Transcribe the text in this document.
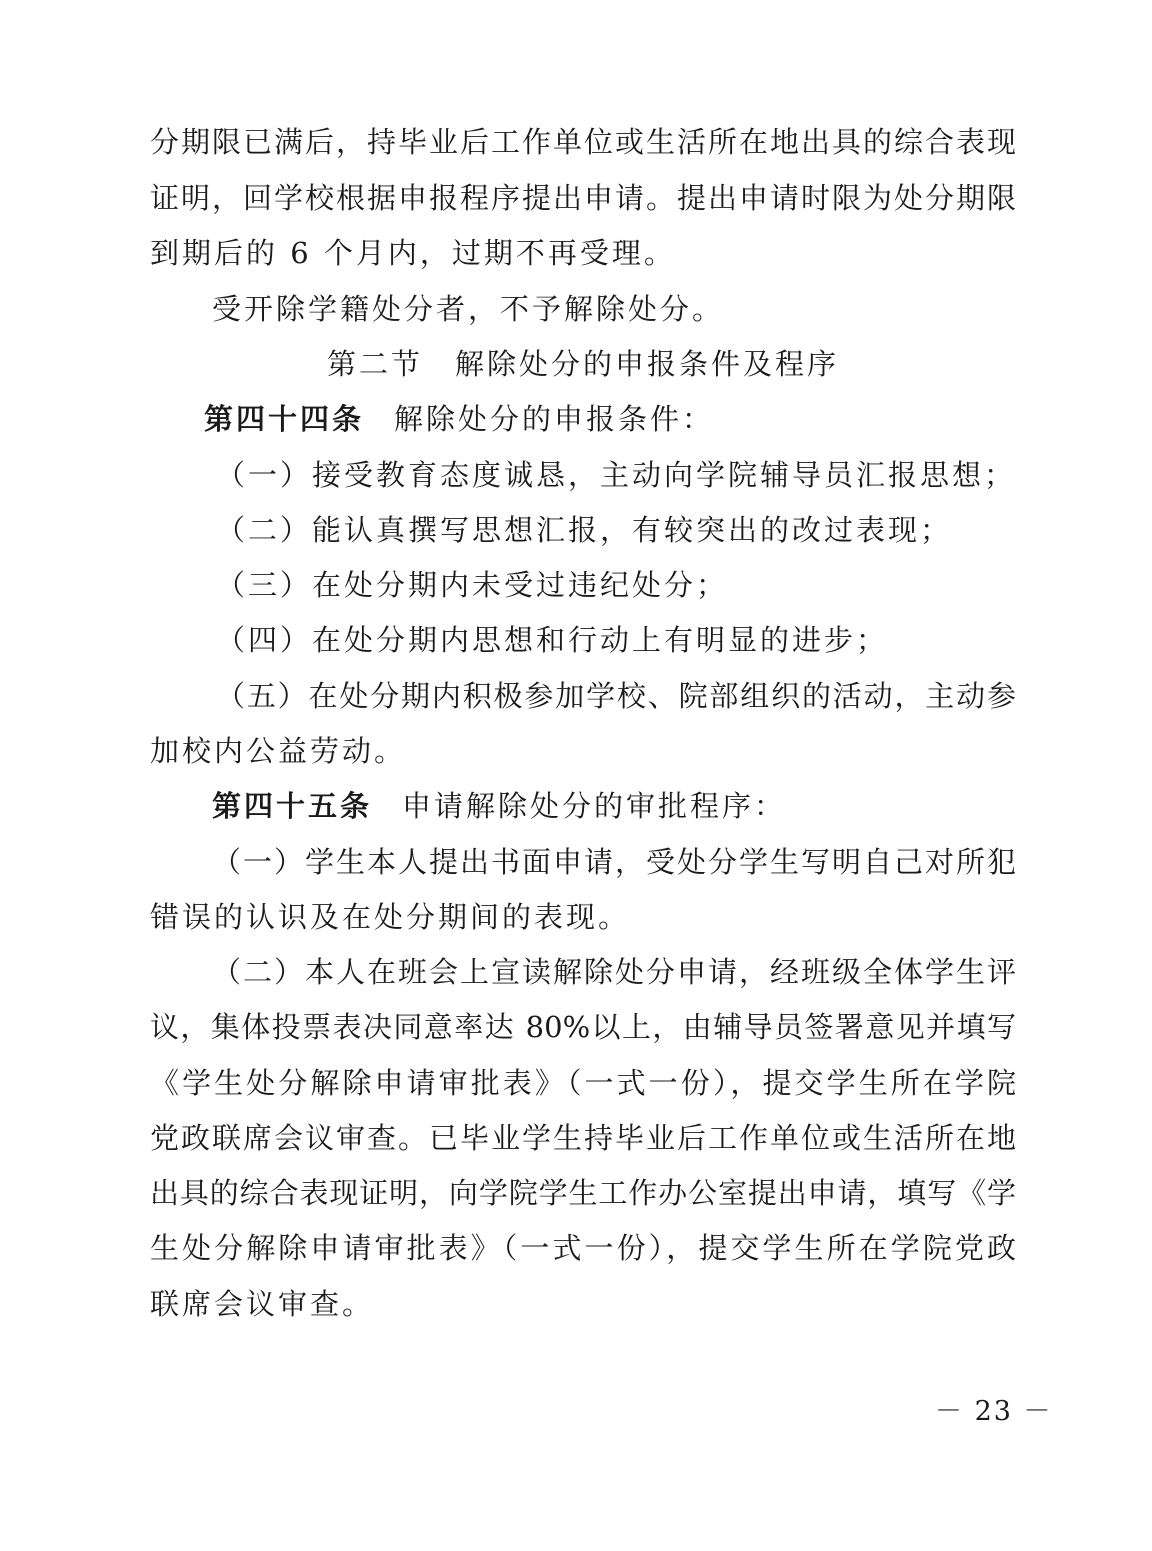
分期限已满后，持毕业后工作单位或生活所在地出具的综合表现
证明，回学校根据申报程序提出申请。提出申请时限为处分期限
到期后的 6 个月内，过期不再受理。
受开除学籍处分者，不予解除处分。
第二节　解除处分的申报条件及程序
第四十四条 解除处分的申报条件：
（一）接受教育态度诚恳，主动向学院辅导员汇报思想；
（二）能认真撰写思想汇报，有较突出的改过表现；
（三）在处分期内未受过违纪处分；
（四）在处分期内思想和行动上有明显的进步；
（五）在处分期内积极参加学校、院部组织的活动，主动参
加校内公益劳动。
第四十五条 申请解除处分的审批程序：
（一）学生本人提出书面申请，受处分学生写明自己对所犯
错误的认识及在处分期间的表现。
（二）本人在班会上宣读解除处分申请，经班级全体学生评
议，集体投票表决同意率达 80%以上，由辅导员签署意见并填写
《学生处分解除申请审批表》（一式一份），提交学生所在学院
党政联席会议审查。已毕业学生持毕业后工作单位或生活所在地
出具的综合表现证明，向学院学生工作办公室提出申请，填写《学
生处分解除申请审批表》（一式一份），提交学生所在学院党政
联席会议审查。
－ 23 －
